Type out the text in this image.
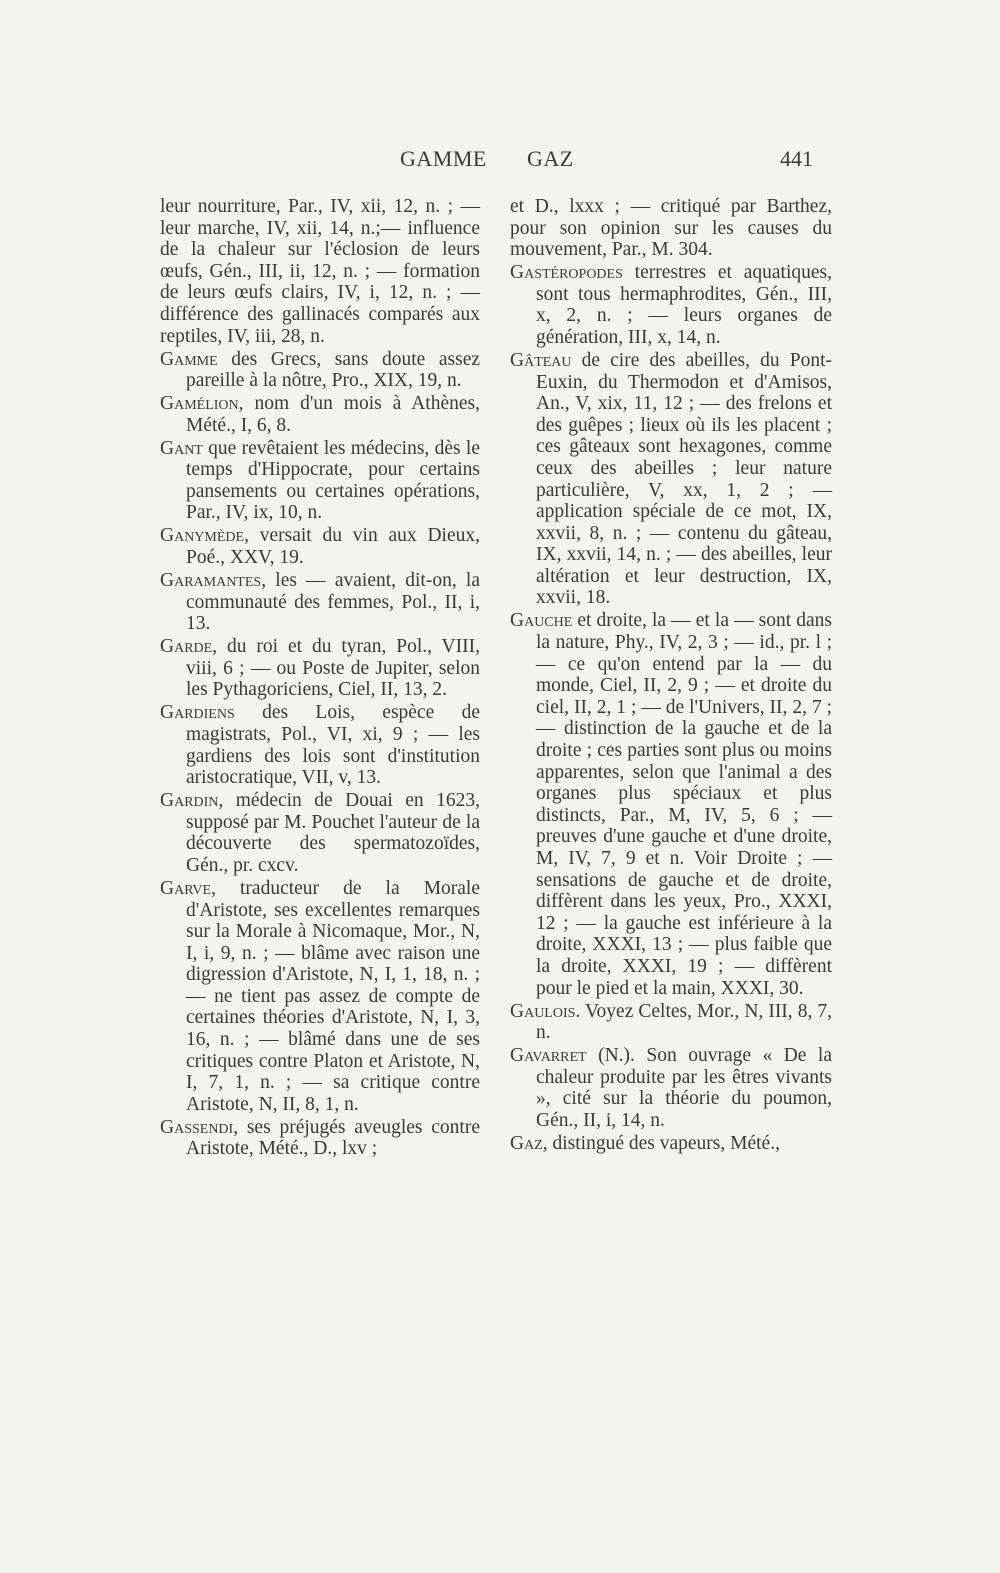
GAMME GAZ	441

leur nourriture, Par., IV, xii, 12, n. ; — leur marche, IV, xii, 14, n.;— influence de la chaleur sur l'éclosion de leurs œufs, Gén., III, ii, 12, n. ; — formation de leurs œufs clairs, IV, i, 12, n. ; — différence des gallinacés comparés aux reptiles, IV, iii, 28, n.

Gamme des Grecs, sans doute assez pareille à la nôtre, Pro., XIX, 19, n.

Gamélion, nom d'un mois à Athènes, Mété., I, 6, 8.

Gant que revêtaient les médecins, dès le temps d'Hippocrate, pour certains pansements ou certaines opérations, Par., IV, ix, 10, n.

Ganymède, versait du vin aux Dieux, Poé., XXV, 19.

Garamantes, les — avaient, dit-on, la communauté des femmes, Pol., II, i, 13.

Garde, du roi et du tyran, Pol., VIII, viii, 6 ; — ou Poste de Jupiter, selon les Pythagoriciens, Ciel, II, 13, 2.

Gardiens des Lois, espèce de magistrats, Pol., VI, xi, 9 ; — les gardiens des lois sont d'institution aristocratique, VII, v, 13.

Gardin, médecin de Douai en 1623, supposé par M. Pouchet l'auteur de la découverte des spermatozoïdes, Gén., pr. cxcv.

Garve, traducteur de la Morale d'Aristote, ses excellentes remarques sur la Morale à Nicomaque, Mor., N, I, i, 9, n. ; — blâme avec raison une digression d'Aristote, N, I, 1, 18, n. ; — ne tient pas assez de compte de certaines théories d'Aristote, N, I, 3, 16, n. ; — blâmé dans une de ses critiques contre Platon et Aristote, N, I, 7, 1, n. ; — sa critique contre Aristote, N, II, 8, 1, n.

Gassendi, ses préjugés aveugles contre Aristote, Mété., D., lxv ;

et D., lxxx ; — critiqué par Barthez, pour son opinion sur les causes du mouvement, Par., M. 304.

Gastéropodes terrestres et aquatiques, sont tous hermaphrodites, Gén., III, x, 2, n. ; — leurs organes de génération, III, x, 14, n.

Gâteau de cire des abeilles, du Pont-Euxin, du Thermodon et d'Amisos, An., V, xix, 11, 12 ; — des frelons et des guêpes ; lieux où ils les placent ; ces gâteaux sont hexagones, comme ceux des abeilles ; leur nature particulière, V, xx, 1, 2 ; — application spéciale de ce mot, IX, xxvii, 8, n. ; — contenu du gâteau, IX, xxvii, 14, n. ; — des abeilles, leur altération et leur destruction, IX, xxvii, 18.

Gauche et droite, la — et la — sont dans la nature, Phy., IV, 2, 3 ; — id., pr. l ; — ce qu'on entend par la — du monde, Ciel, II, 2, 9 ; — et droite du ciel, II, 2, 1 ; — de l'Univers, II, 2, 7 ; — distinction de la gauche et de la droite ; ces parties sont plus ou moins apparentes, selon que l'animal a des organes plus spéciaux et plus distincts, Par., M, IV, 5, 6 ; — preuves d'une gauche et d'une droite, M, IV, 7, 9 et n. Voir Droite ; — sensations de gauche et de droite, diffèrent dans les yeux, Pro., XXXI, 12 ; — la gauche est inférieure à la droite, XXXI, 13 ; — plus faible que la droite, XXXI, 19 ; — diffèrent pour le pied et la main, XXXI, 30.

Gaulois. Voyez Celtes, Mor., N, III, 8, 7, n.

Gavarret (N.). Son ouvrage « De la chaleur produite par les êtres vivants », cité sur la théorie du poumon, Gén., II, i, 14, n.

Gaz, distingué des vapeurs, Mété.,
